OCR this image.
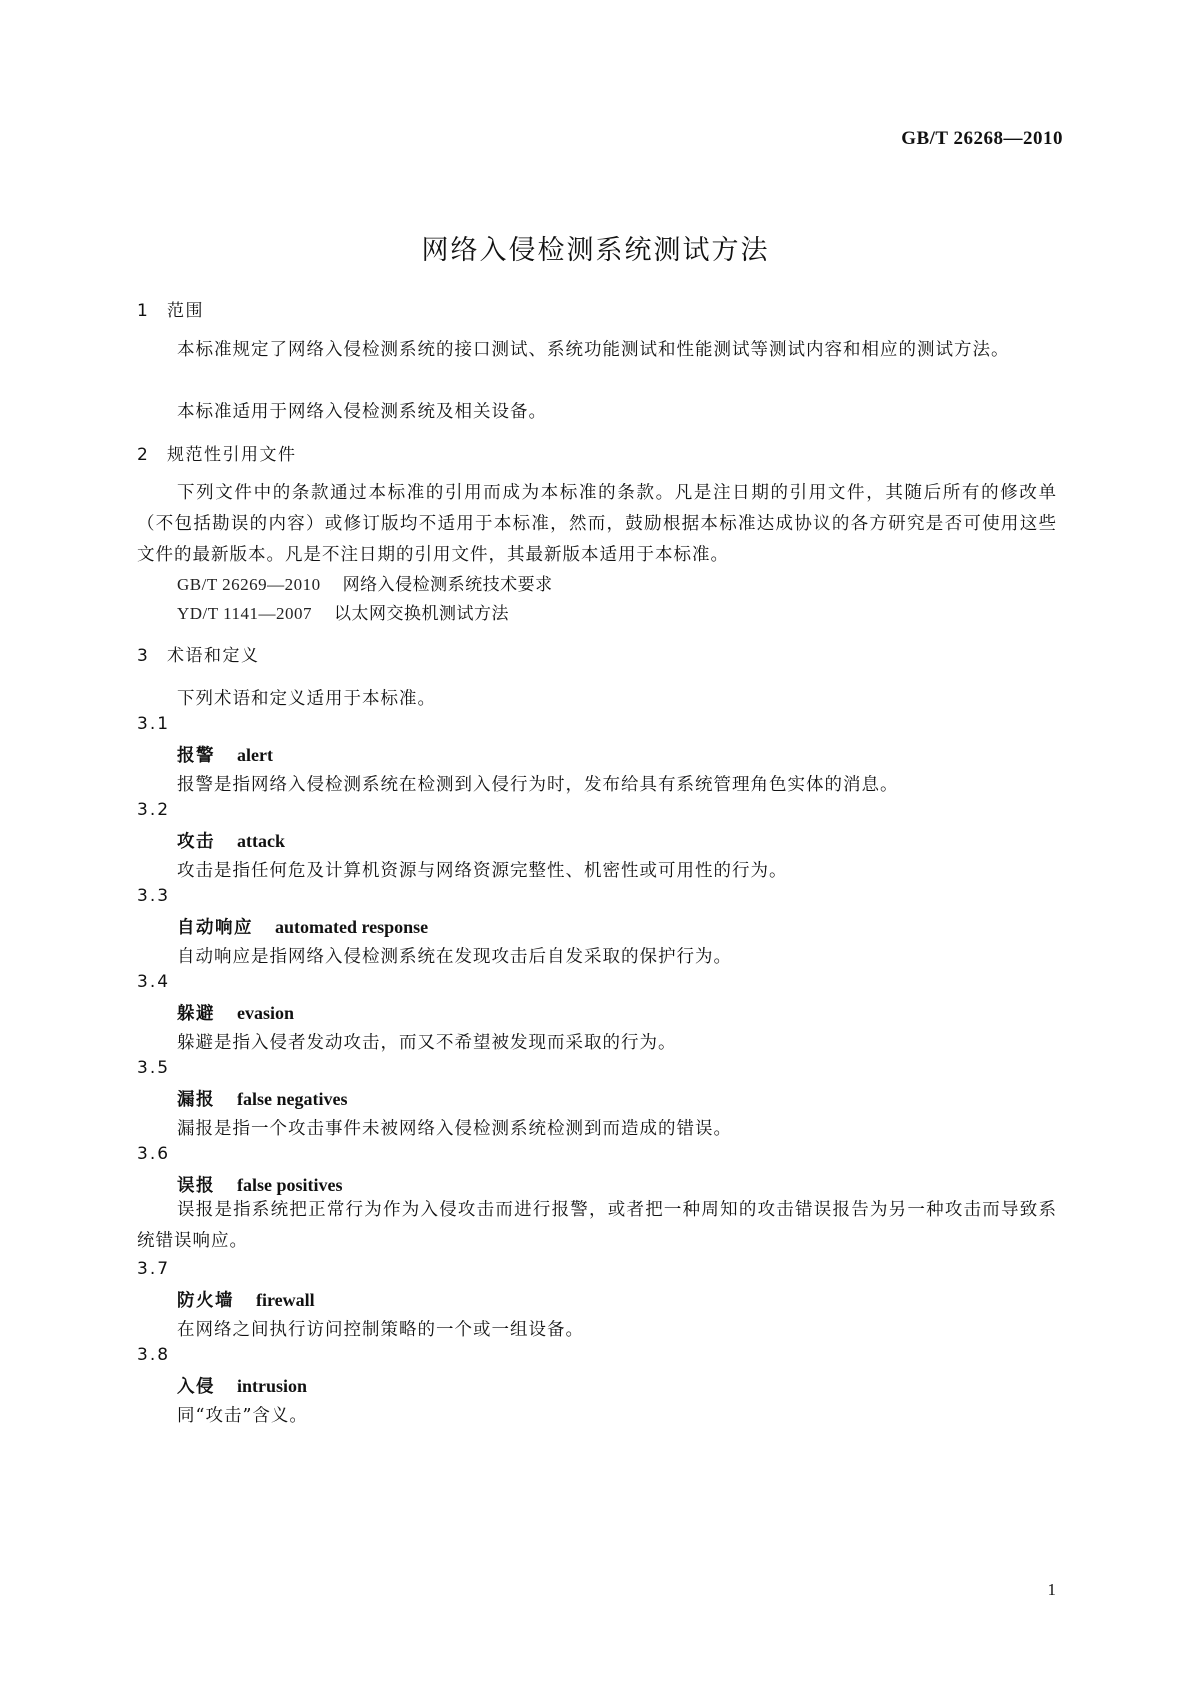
GB/T 26268—2010
网络入侵检测系统测试方法
1 范围
本标准规定了网络入侵检测系统的接口测试、系统功能测试和性能测试等测试内容和相应的测试方法。
本标准适用于网络入侵检测系统及相关设备。
2 规范性引用文件
下列文件中的条款通过本标准的引用而成为本标准的条款。凡是注日期的引用文件，其随后所有的修改单（不包括勘误的内容）或修订版均不适用于本标准，然而，鼓励根据本标准达成协议的各方研究是否可使用这些文件的最新版本。凡是不注日期的引用文件，其最新版本适用于本标准。
GB/T 26269—2010 网络入侵检测系统技术要求
YD/T 1141—2007 以太网交换机测试方法
3 术语和定义
下列术语和定义适用于本标准。
3.1
报警 alert
报警是指网络入侵检测系统在检测到入侵行为时，发布给具有系统管理角色实体的消息。
3.2
攻击 attack
攻击是指任何危及计算机资源与网络资源完整性、机密性或可用性的行为。
3.3
自动响应 automated response
自动响应是指网络入侵检测系统在发现攻击后自发采取的保护行为。
3.4
躲避 evasion
躲避是指入侵者发动攻击，而又不希望被发现而采取的行为。
3.5
漏报 false negatives
漏报是指一个攻击事件未被网络入侵检测系统检测到而造成的错误。
3.6
误报 false positives
误报是指系统把正常行为作为入侵攻击而进行报警，或者把一种周知的攻击错误报告为另一种攻击而导致系统错误响应。
3.7
防火墙 firewall
在网络之间执行访问控制策略的一个或一组设备。
3.8
入侵 intrusion
同“攻击”含义。
1
